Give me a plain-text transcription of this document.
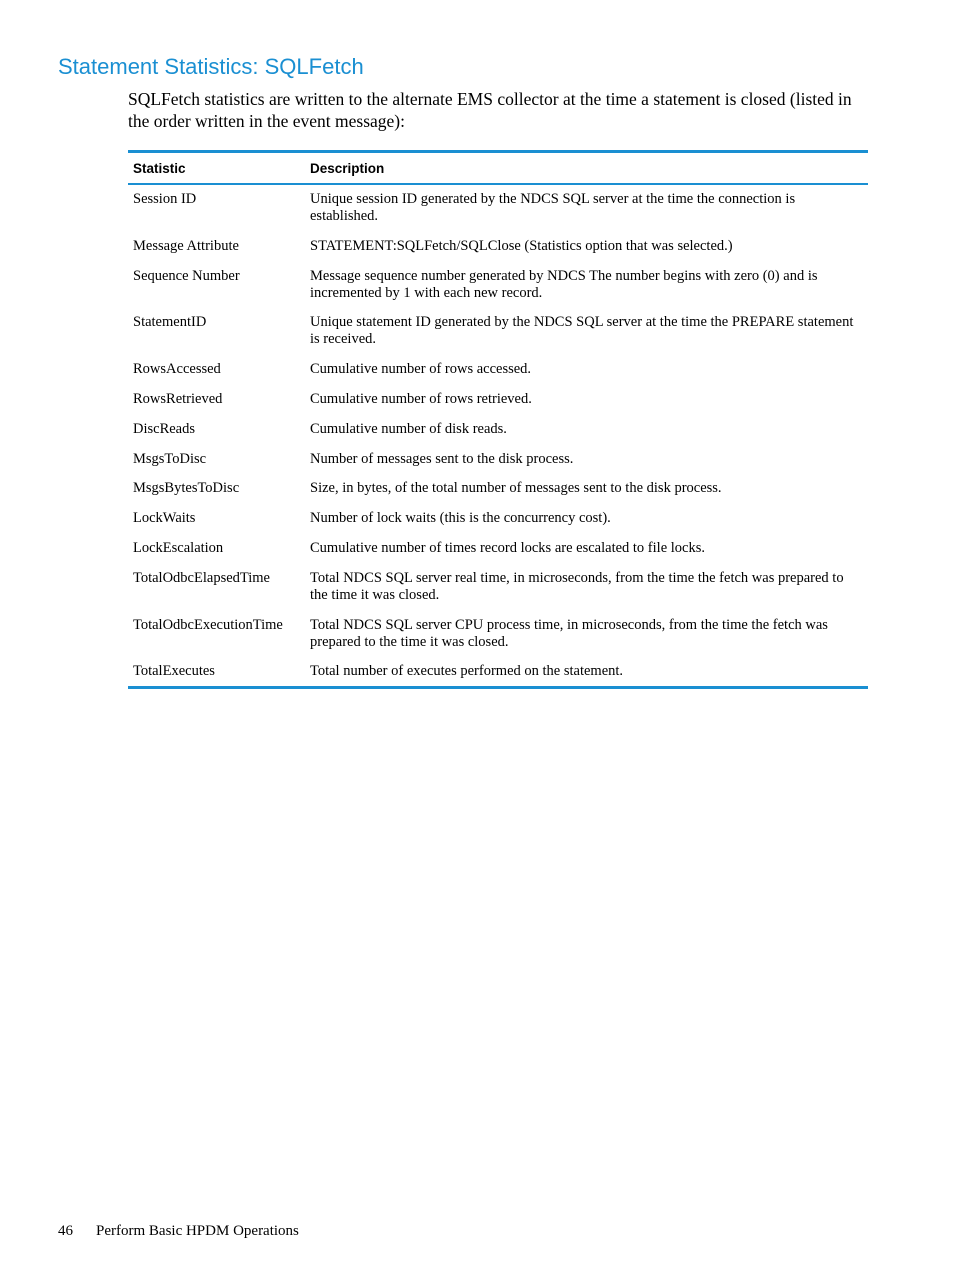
Statement Statistics: SQLFetch

SQLFetch statistics are written to the alternate EMS collector at the time a statement is closed (listed in the order written in the event message):

Statistic	Description
Session ID	Unique session ID generated by the NDCS SQL server at the time the connection is established.
Message Attribute	STATEMENT:SQLFetch/SQLClose (Statistics option that was selected.)
Sequence Number	Message sequence number generated by NDCS The number begins with zero (0) and is incremented by 1 with each new record.
StatementID	Unique statement ID generated by the NDCS SQL server at the time the PREPARE statement is received.
RowsAccessed	Cumulative number of rows accessed.
RowsRetrieved	Cumulative number of rows retrieved.
DiscReads	Cumulative number of disk reads.
MsgsToDisc	Number of messages sent to the disk process.
MsgsBytesToDisc	Size, in bytes, of the total number of messages sent to the disk process.
LockWaits	Number of lock waits (this is the concurrency cost).
LockEscalation	Cumulative number of times record locks are escalated to file locks.
TotalOdbcElapsedTime	Total NDCS SQL server real time, in microseconds, from the time the fetch was prepared to the time it was closed.
TotalOdbcExecutionTime	Total NDCS SQL server CPU process time, in microseconds, from the time the fetch was prepared to the time it was closed.
TotalExecutes	Total number of executes performed on the statement.
46 Perform Basic HPDM Operations
